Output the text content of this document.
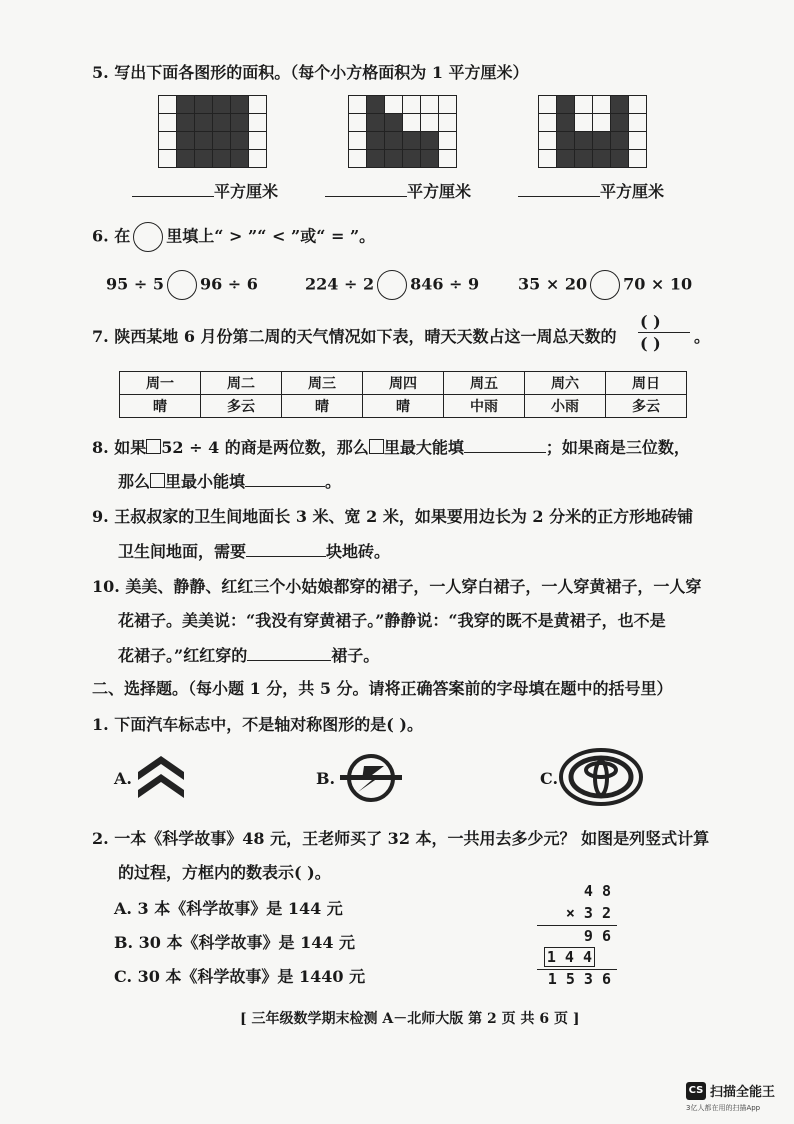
5. 写出下面各图形的面积。（每个小方格面积为 1 平方厘米）

平方厘米	平方厘米	平方厘米
6. 在 里填上“ > ”“ < ”或“ = ”。
95 ÷ 5 96 ÷ 6	224 ÷ 2 846 ÷ 9 35 × 20 70 × 10
7. 陕西某地 6 月份第二周的天气情况如下表，晴天天数占这一周总天数的
( )
( ) 。
周一	周二	周三	周四	周五	周六	周日
晴	多云	晴	晴	中雨	小雨	多云
8. 如果 52 ÷ 4 的商是两位数，那么 里最大能填	；如果商是三位数，
那么 里最小能填	。
9. 王叔叔家的卫生间地面长 3 米、宽 2 米，如果要用边长为 2 分米的正方形地砖铺
卫生间地面，需要	块地砖。
10. 美美、静静、红红三个小姑娘都穿的裙子，一人穿白裙子，一人穿黄裙子，一人穿
花裙子。美美说：“我没有穿黄裙子。”静静说：“我穿的既不是黄裙子，也不是
花裙子。”红红穿的	裙子。
二、选择题。（每小题 1 分，共 5 分。请将正确答案前的字母填在题中的括号里）
1. 下面汽车标志中，不是轴对称图形的是( )。
A.	B.	C.
2. 一本《科学故事》48 元，王老师买了 32 本，一共用去多少元？ 如图是列竖式计算
的过程，方框内的数表示( )。
A. 3 本《科学故事》是 144 元
B. 30 本《科学故事》是 144 元
C. 30 本《科学故事》是 1440 元
4 8
× 3 2
9 6
1 4 4
1 5 3 6
[ 三年级数学期末检测 A－北师大版 第 2 页 共 6 页 ]
CS 扫描全能王
3亿人都在用的扫描App
